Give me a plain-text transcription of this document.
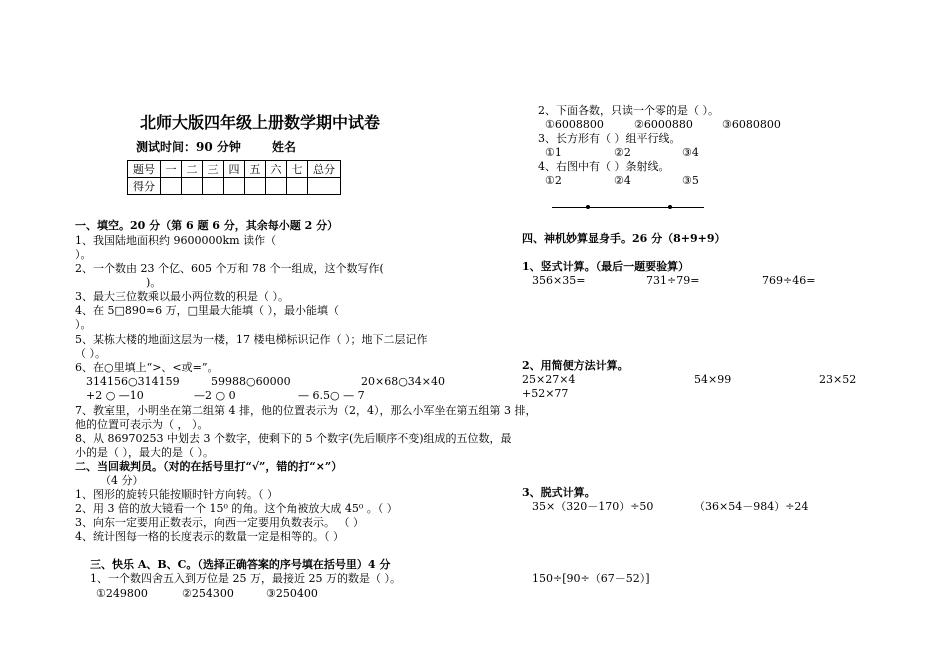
北师大版四年级上册数学期中试卷
测试时间：90 分钟	姓名
题号	一	二	三	四	五	六	七	总分
得分								
一、填空。20 分（第 6 题 6 分，其余每小题 2 分）
1、我国陆地面积约 9600000km 读作（
）。
2、一个数由 23 个亿、605 个万和 78 个一组成，这个数写作(
)。
3、最大三位数乘以最小两位数的积是（ ）。
4、在 5□890≈6 万，□里最大能填（ ），最小能填（
）。
5、某栋大楼的地面这层为一楼，17 楼电梯标识记作（ ）；地下二层记作
（ ）。
6、在○里填上“>、<或=”。
314156○314159	59988○60000	20×68○34×40
+2 ○ —10	—2 ○ 0	— 6.5○ — 7
7、教室里，小明坐在第二组第 4 排，他的位置表示为（2，4），那么小军坐在第五组第 3 排，
他的位置可表示为（ ， ）。
8、从 86970253 中划去 3 个数字，使剩下的 5 个数字(先后顺序不变)组成的五位数，最
小的是（ ），最大的是（ ）。
二、当回裁判员。（对的在括号里打“√”，错的打“×”）
（4 分）
1、图形的旋转只能按顺时针方向转。（ ）
2、用 3 倍的放大镜看一个 15⁰ 的角。这个角被放大成 45⁰ 。（ ）
3、向东一定要用正数表示，向西一定要用负数表示。 （ ）
4、统计图每一格的长度表示的数量一定是相等的。（ ）
三、快乐 A、B、C。（选择正确答案的序号填在括号里）4 分
1、一个数四舍五入到万位是 25 万，最接近 25 万的数是（ ）。
①249800	②254300	③250400
2、下面各数，只读一个零的是（ ）。
①6008800	②6000880	③6080800
3、长方形有（ ）组平行线。
①1	②2	③4
4、右图中有（ ）条射线。
①2	②4	③5
四、神机妙算显身手。26 分（8+9+9）
1、竖式计算。（最后一题要验算）
356×35=	731÷79=	769÷46=
2、用简便方法计算。
25×27×4	54×99	23×52
+52×77
3、脱式计算。
35×（320－170）÷50	（36×54－984）÷24
150÷[90÷（67－52）]
